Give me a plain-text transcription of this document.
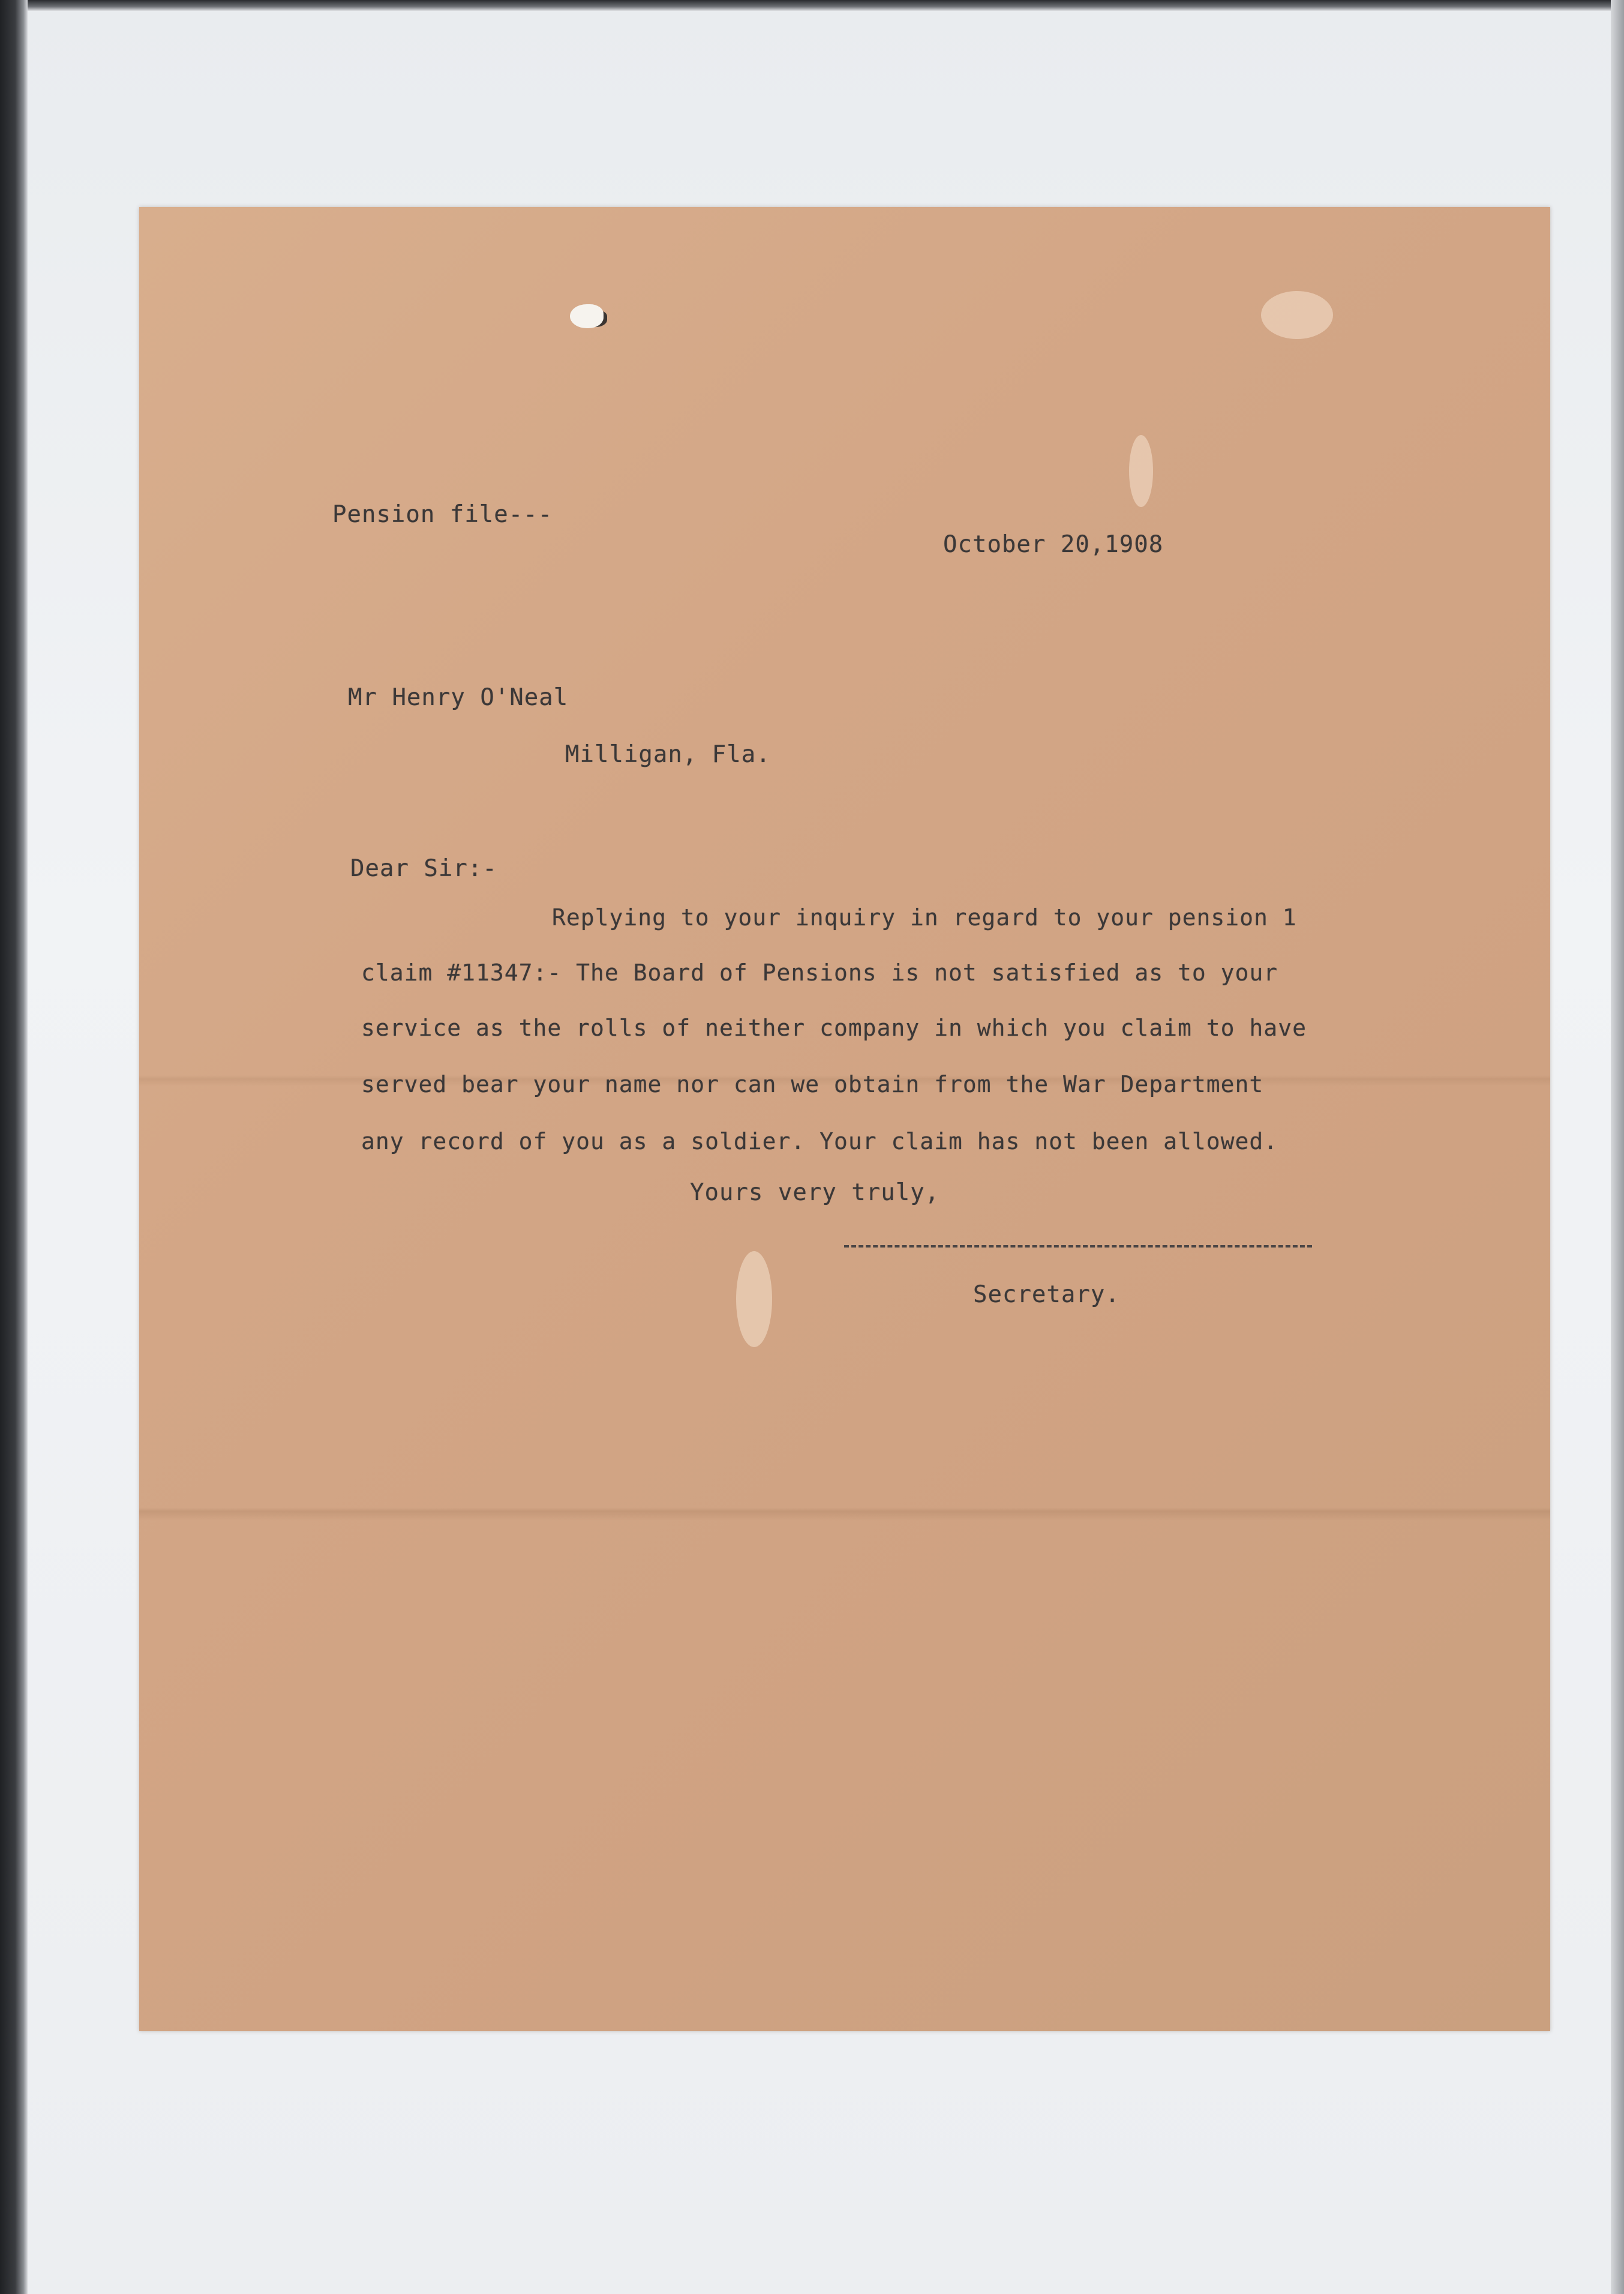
Pension file---
October 20,1908
Mr Henry O'Neal
Milligan, Fla.
Dear Sir:-
Replying to your inquiry in regard to your pension 1
claim #11347:- The Board of Pensions is not satisfied as to your
service as the rolls of neither company in which you claim to have
served bear your name nor can we obtain from the War Department
any record of you as a soldier. Your claim has not been allowed.
Yours very truly,
Secretary.
